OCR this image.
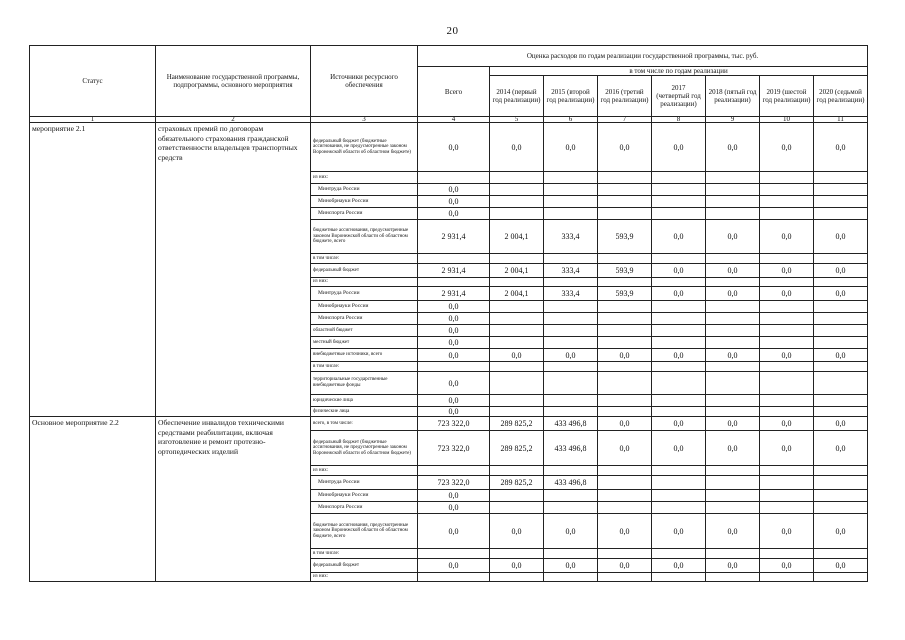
20
Статус	Наименование государственной программы, подпрограммы, основного мероприятия	Источники ресурсного обеспечения	Оценка расходов по годам реализации государственной программы, тыс. руб.							
			Всего	в том числе по годам реализации						
				2014 (первый год реализации)	2015 (второй год реализации)	2016 (третий год реализации)	2017 (четвертый год реализации)	2018 (пятый год реализации)	2019 (шестой год реализации)	2020 (седьмой год реализации)
1	2	3	4	5	6	7	8	9	10	11
мероприятие 2.1	страховых премий по договорам обязательного страхования гражданской ответственности владельцев транспортных средств	федеральный бюджет (бюджетные ассигнования, не предусмотренные законом Воронежской области об областном бюджете)	0,0	0,0	0,0	0,0	0,0	0,0	0,0	0,0
		из них:								
		Минтруда России	0,0							
		Минобрнауки России	0,0							
		Минспорта России	0,0							
		бюджетные ассигнования, предусмотренные законом Воронежской области об областном бюджете, всего	2 931,4	2 004,1	333,4	593,9	0,0	0,0	0,0	0,0
		в том числе:								
		федеральный бюджет	2 931,4	2 004,1	333,4	593,9	0,0	0,0	0,0	0,0
		из них:								
		Минтруда России	2 931,4	2 004,1	333,4	593,9	0,0	0,0	0,0	0,0
		Минобрнауки России	0,0							
		Минспорта России	0,0							
		областной бюджет	0,0							
		местный бюджет	0,0							
		внебюджетные источники, всего	0,0	0,0	0,0	0,0	0,0	0,0	0,0	0,0
		в том числе:								
		территориальные государственные внебюджетные фонды	0,0							
		юридические лица	0,0							
		физические лица	0,0							
Основное мероприятие 2.2	Обеспечение инвалидов техническими средствами реабилитации, включая изготовление и ремонт протезно-ортопедических изделий	всего, в том числе:	723 322,0	289 825,2	433 496,8	0,0	0,0	0,0	0,0	0,0
		федеральный бюджет (бюджетные ассигнования, не предусмотренные законом Воронежской области об областном бюджете)	723 322,0	289 825,2	433 496,8	0,0	0,0	0,0	0,0	0,0
		из них:								
		Минтруда России	723 322,0	289 825,2	433 496,8					
		Минобрнауки России	0,0							
		Минспорта России	0,0							
		бюджетные ассигнования, предусмотренные законом Воронежской области об областном бюджете, всего	0,0	0,0	0,0	0,0	0,0	0,0	0,0	0,0
		в том числе:								
		федеральный бюджет	0,0	0,0	0,0	0,0	0,0	0,0	0,0	0,0
		из них:								
